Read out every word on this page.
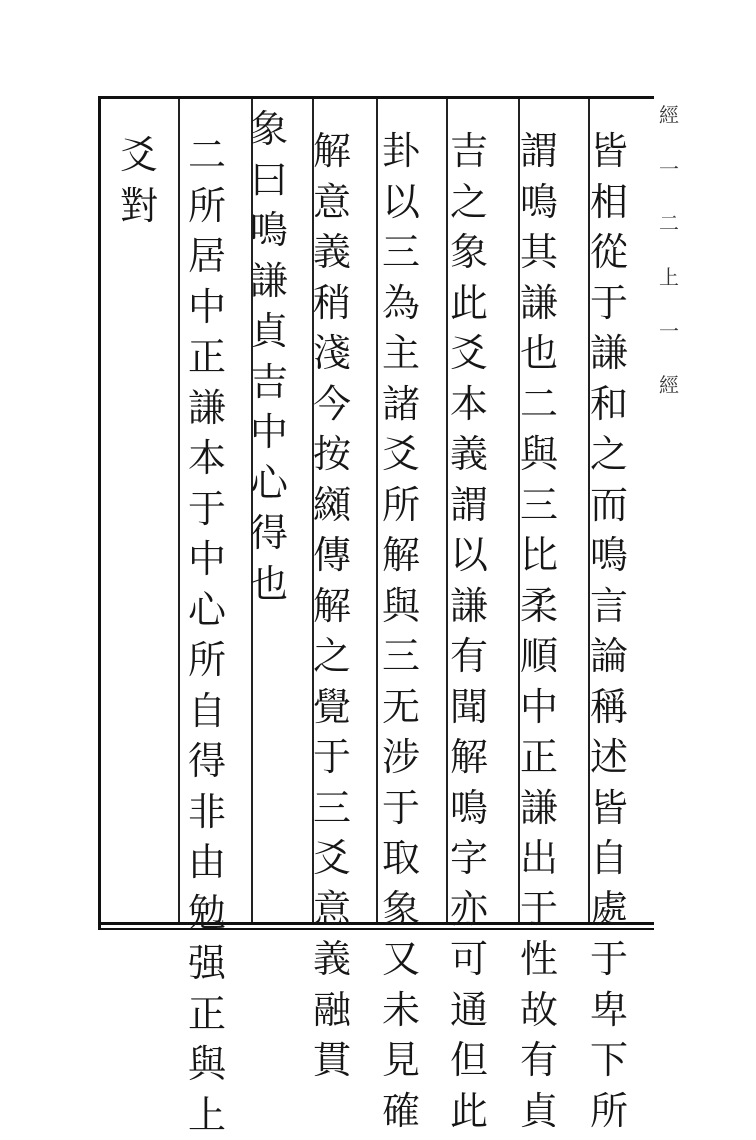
皆
相
從
于
謙
和
之
而
鳴
言
論
稱
述
皆
自
處
于
卑
下
所
謂
鳴
其
謙
也
二
與
三
比
柔
順
中
正
謙
出
于
性
故
有
貞
吉
之
象
此
爻
本
義
謂
以
謙
有
聞
解
鳴
字
亦
可
通
但
此
卦
以
三
為
主
諸
爻
所
解
與
三
无
涉
于
取
象
又
未
見
確
解
意
義
稍
淺
今
按
纐
傳
解
之
覺
于
三
爻
意
義
融
貫
象
曰
鳴
謙
貞
吉
中
心
得
也
二
所
居
中
正
謙
本
于
中
心
所
自
得
非
由
勉
强
正
與
上
爻
對
經
⼀
⼆
上
⼀
經
